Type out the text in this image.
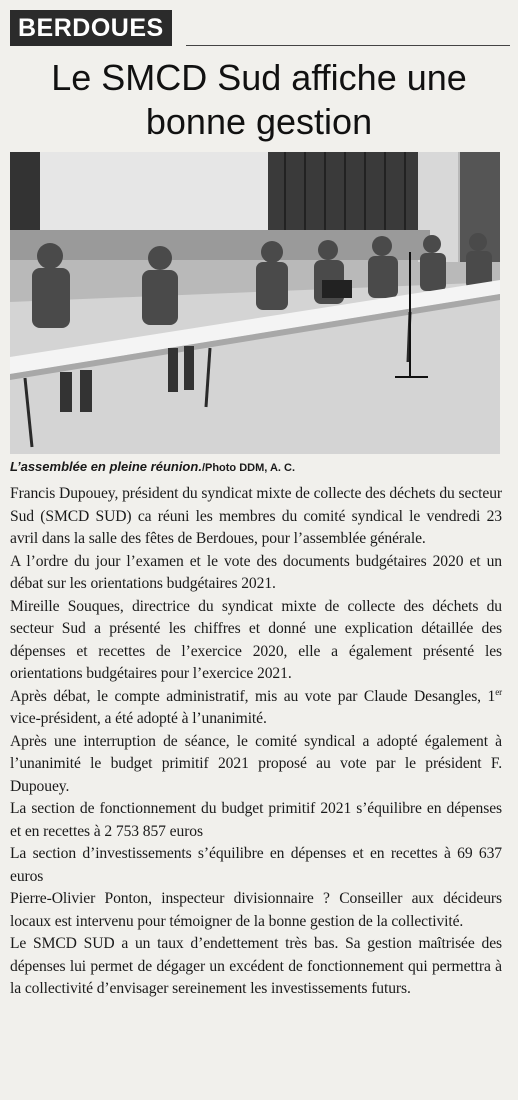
BERDOUES
Le SMCD Sud affiche une
bonne gestion
L’assemblée en pleine réunion./Photo DDM, A. C.

Francis Dupouey, président du syndicat mixte de collecte des déchets du secteur Sud (SMCD SUD) ca réuni les membres du comité syndical le vendredi 23 avril dans la salle des fêtes de Berdoues, pour l’assemblée générale.

A l’ordre du jour l’examen et le vote des documents budgétaires 2020 et un débat sur les orientations budgétaires 2021.

Mireille Souques, directrice du syndicat mixte de collecte des déchets du secteur Sud a présenté les chiffres et donné une explication détaillée des dépenses et recettes de l’exercice 2020, elle a également présenté les orientations budgétaires pour l’exercice 2021.

Après débat, le compte administratif, mis au vote par Claude Desangles, 1er vice-président, a été adopté à l’unanimité.

Après une interruption de séance, le comité syndical a adopté également à l’unanimité le budget primitif 2021 proposé au vote par le président F. Dupouey.

La section de fonctionnement du budget primitif 2021 s’équilibre en dépenses et en recettes à 2 753 857 euros

La section d’investissements s’équilibre en dépenses et en recettes à 69 637 euros

Pierre-Olivier Ponton, inspecteur divisionnaire ? Conseiller aux décideurs locaux est intervenu pour témoigner de la bonne gestion de la collectivité.

Le SMCD SUD a un taux d’endettement très bas. Sa gestion maîtrisée des dépenses lui permet de dégager un excédent de fonctionnement qui permettra à la collectivité d’envisager sereinement les investissements futurs.
